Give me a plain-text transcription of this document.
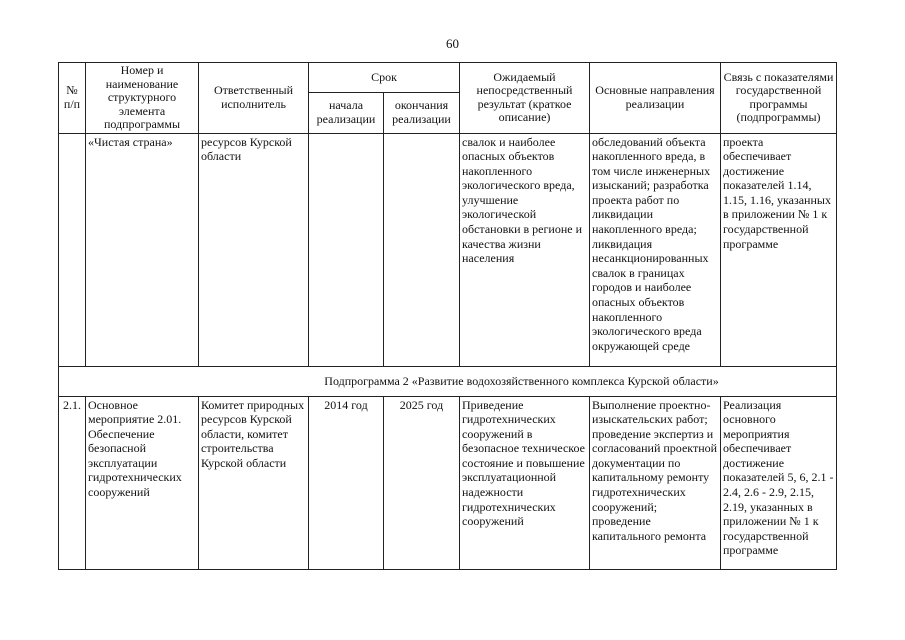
60
№ п/п	Номер и наименование структурного элемента подпрограммы	Ответственный исполнитель	Срок		Ожидаемый непосредственный результат (краткое описание)	Основные направления реализации	Связь с показателями государственной программы (подпрограммы)
			начала реализации	окончания реализации			
	«Чистая страна»	ресурсов Курской области			свалок и наиболее опасных объектов накопленного экологического вреда, улучшение экологической обстановки в регионе и качества жизни населения	обследований объекта накопленного вреда, в том числе инженерных изысканий; разработка проекта работ по ликвидации накопленного вреда; ликвидация несанкционированных свалок в границах городов и наиболее опасных объектов накопленного экологического вреда окружающей среде	проекта обеспечивает достижение показателей 1.14, 1.15, 1.16, указанных в приложении № 1 к государственной программе
Подпрограмма 2 «Развитие водохозяйственного комплекса Курской области»							
2.1.	Основное мероприятие 2.01. Обеспечение безопасной эксплуатации гидротехнических сооружений	Комитет природных ресурсов Курской области, комитет строительства Курской области	2014 год	2025 год	Приведение гидротехнических сооружений в безопасное техническое состояние и повышение эксплуатационной надежности гидротехнических сооружений	Выполнение проектно-изыскательских работ; проведение экспертиз и согласований проектной документации по капитальному ремонту гидротехнических сооружений; проведение капитального ремонта	Реализация основного мероприятия обеспечивает достижение показателей 5, 6, 2.1 - 2.4, 2.6 - 2.9, 2.15, 2.19, указанных в приложении № 1 к государственной программе
